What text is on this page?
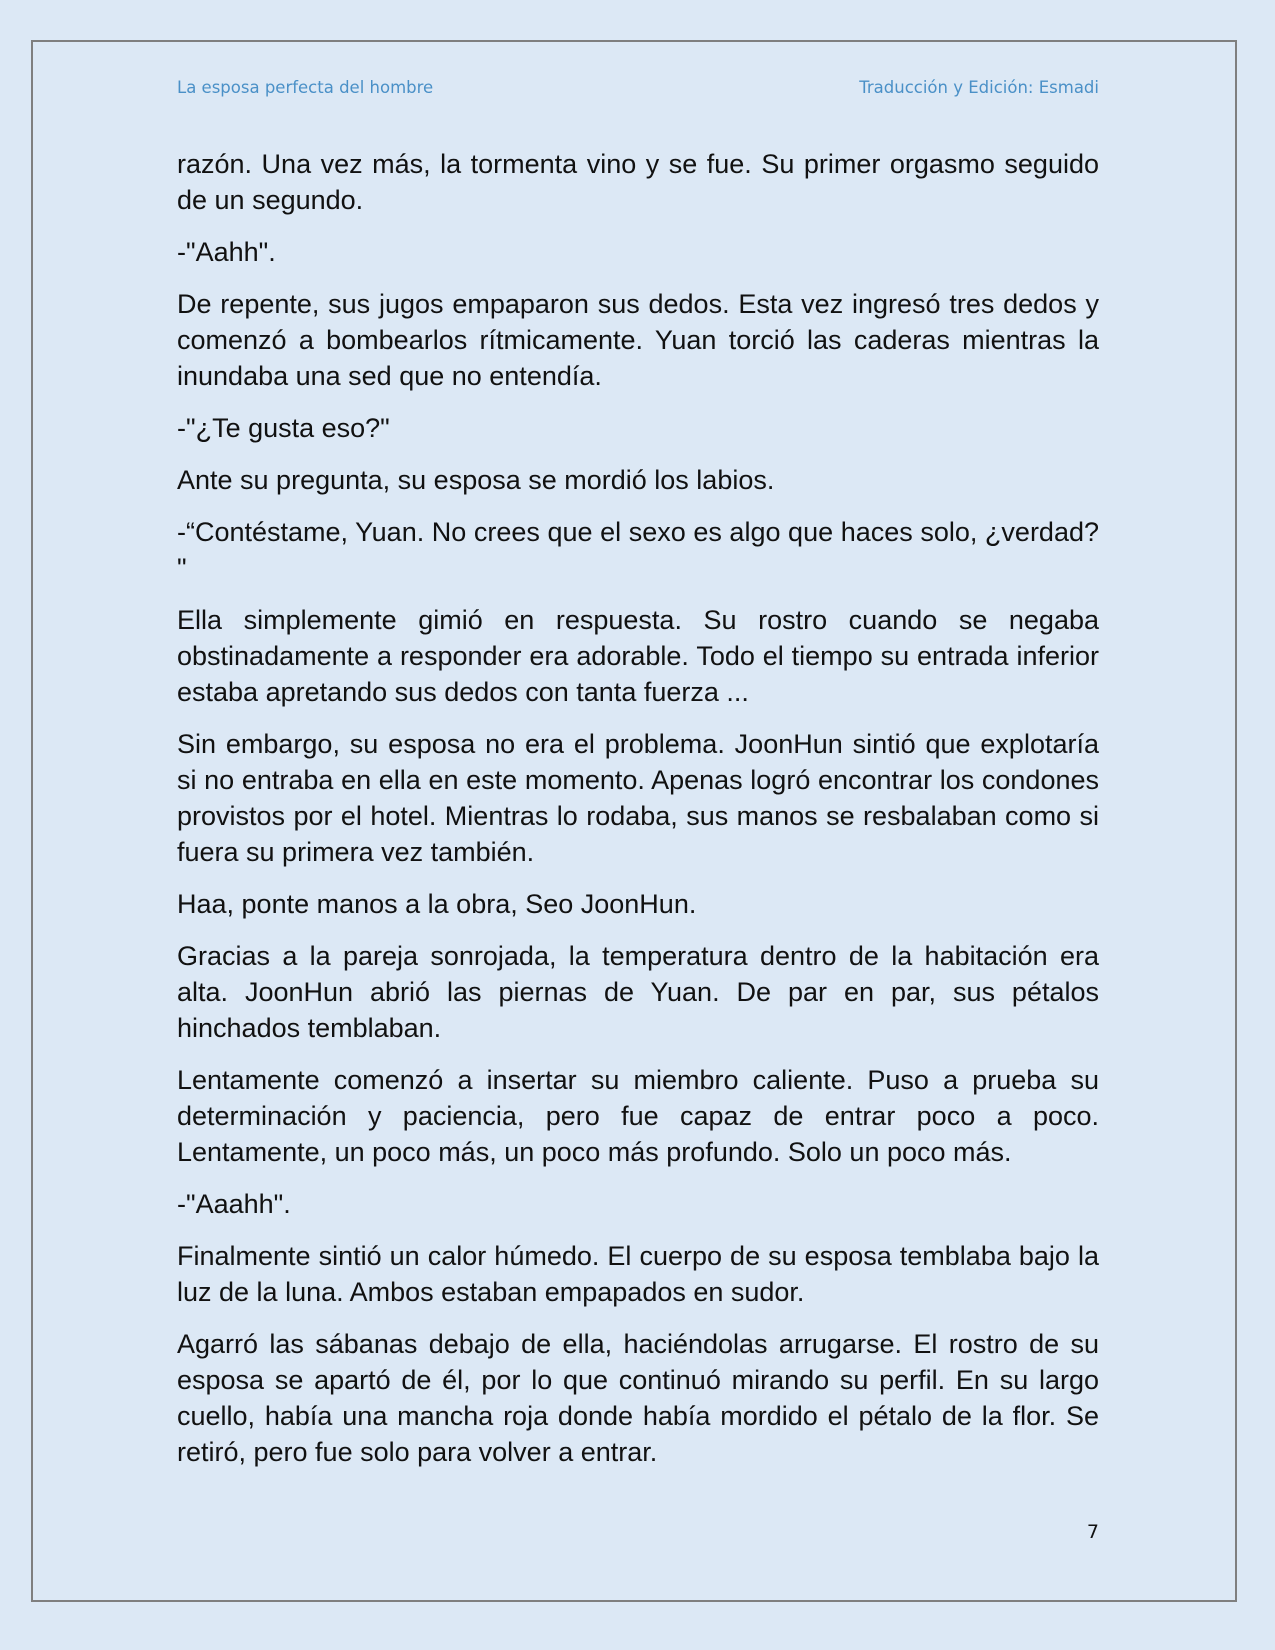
La esposa perfecta del hombre	Traducción y Edición: Esmadi

razón. Una vez más, la tormenta vino y se fue. Su primer orgasmo seguido de un segundo.

-"Aahh".

De repente, sus jugos empaparon sus dedos. Esta vez ingresó tres dedos y comenzó a bombearlos rítmicamente. Yuan torció las caderas mientras la inundaba una sed que no entendía.

-"¿Te gusta eso?"

Ante su pregunta, su esposa se mordió los labios.

-“Contéstame, Yuan. No crees que el sexo es algo que haces solo, ¿verdad? "

Ella simplemente gimió en respuesta. Su rostro cuando se negaba obstinadamente a responder era adorable. Todo el tiempo su entrada inferior estaba apretando sus dedos con tanta fuerza ...

Sin embargo, su esposa no era el problema. JoonHun sintió que explotaría si no entraba en ella en este momento. Apenas logró encontrar los condones provistos por el hotel. Mientras lo rodaba, sus manos se resbalaban como si fuera su primera vez también.

Haa, ponte manos a la obra, Seo JoonHun.

Gracias a la pareja sonrojada, la temperatura dentro de la habitación era alta. JoonHun abrió las piernas de Yuan. De par en par, sus pétalos hinchados temblaban.

Lentamente comenzó a insertar su miembro caliente. Puso a prueba su determinación y paciencia, pero fue capaz de entrar poco a poco. Lentamente, un poco más, un poco más profundo. Solo un poco más.

-"Aaahh".

Finalmente sintió un calor húmedo. El cuerpo de su esposa temblaba bajo la luz de la luna. Ambos estaban empapados en sudor.

Agarró las sábanas debajo de ella, haciéndolas arrugarse. El rostro de su esposa se apartó de él, por lo que continuó mirando su perfil. En su largo cuello, había una mancha roja donde había mordido el pétalo de la flor. Se retiró, pero fue solo para volver a entrar.

7
